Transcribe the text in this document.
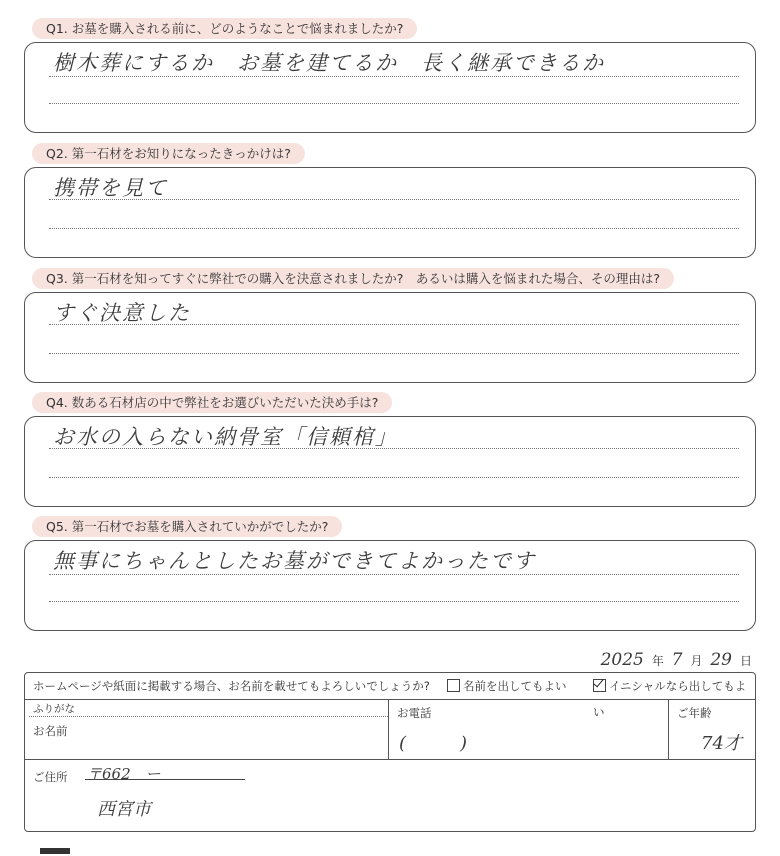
樹木葬にするか　お墓を建てるか　長く継承できるか
Q1. お墓を購入される前に、どのようなことで悩まれましたか?
携帯を見て
Q2. 第一石材をお知りになったきっかけは?
すぐ決意した
Q3. 第一石材を知ってすぐに弊社での購入を決意されましたか?　あるいは購入を悩まれた場合、その理由は?
お水の入らない納骨室「信頼棺」
Q4. 数ある石材店の中で弊社をお選びいただいた決め手は?
無事にちゃんとしたお墓ができてよかったです
Q5. 第一石材でお墓を購入されていかがでしたか?
2025 年 7 月 29 日
ホームページや紙面に掲載する場合、お名前を載せてもよろしいでしょうか?	名前を出してもよい	イニシャルなら出してもよい
ふりがな
お名前
お電話
(　　　)
ご年齢
74才
ご住所 〒662　ー
西宮市
